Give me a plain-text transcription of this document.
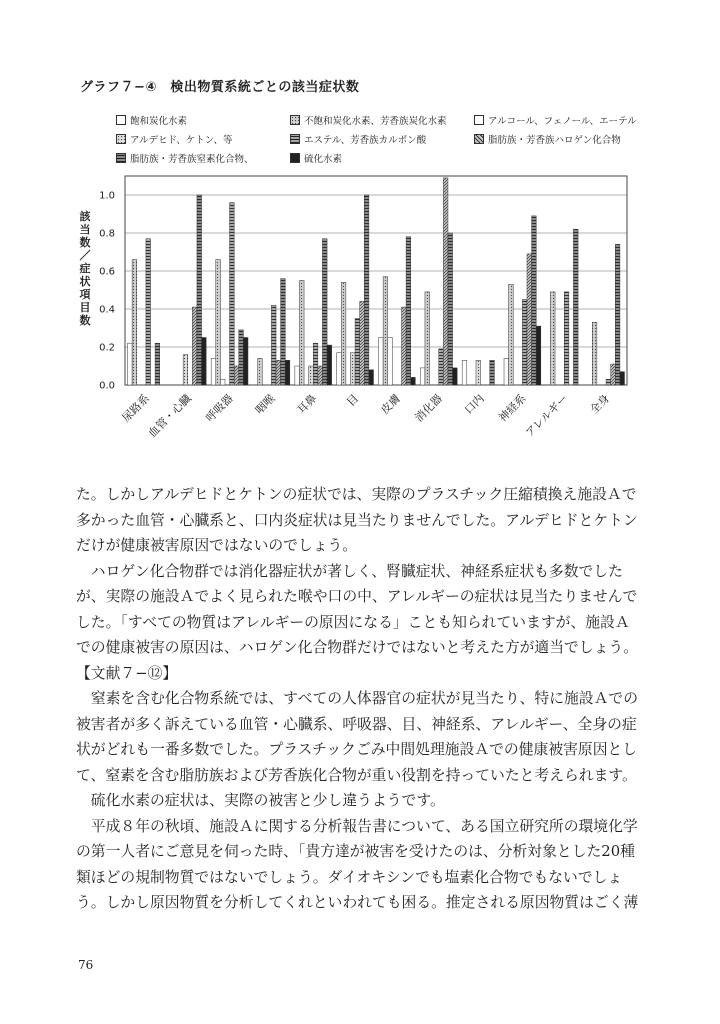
グラフ７−④　検出物質系統ごとの該当症状数
飽和炭化水素	不飽和炭化水素、芳香族炭化水素	アルコール、フェノール、エーテル
アルデヒド、ケトン、等	エステル、芳香族カルボン酸	脂肪族・芳香族ハロゲン化合物
脂肪族・芳香族窒素化合物、	硫化水素
該当数／症状項目数
0.0
0.2
0.4
0.6
0.8
1.0
尿路系
血管・心臓 呼吸器 咽喉 耳鼻 目 皮膚 消化器 口内 神経系
アレルギー 全身

た。しかしアルデヒドとケトンの症状では、実際のプラスチック圧縮積換え施設Ａで多かった血管・心臓系と、口内炎症状は見当たりませんでした。アルデヒドとケトンだけが健康被害原因ではないのでしょう。

ハロゲン化合物群では消化器症状が著しく、腎臓症状、神経系症状も多数でしたが、実際の施設Ａでよく見られた喉や口の中、アレルギーの症状は見当たりませんでした。「すべての物質はアレルギーの原因になる」ことも知られていますが、施設Ａでの健康被害の原因は、ハロゲン化合物群だけではないと考えた方が適当でしょう。

【文献７−⑫】

窒素を含む化合物系統では、すべての人体器官の症状が見当たり、特に施設Ａでの被害者が多く訴えている血管・心臓系、呼吸器、目、神経系、アレルギー、全身の症状がどれも一番多数でした。プラスチックごみ中間処理施設Ａでの健康被害原因として、窒素を含む脂肪族および芳香族化合物が重い役割を持っていたと考えられます。

硫化水素の症状は、実際の被害と少し違うようです。

平成８年の秋頃、施設Ａに関する分析報告書について、ある国立研究所の環境化学の第一人者にご意見を伺った時、「貴方達が被害を受けたのは、分析対象とした20種類ほどの規制物質ではないでしょう。ダイオキシンでも塩素化合物でもないでしょう。しかし原因物質を分析してくれといわれても困る。推定される原因物質はごく薄

76
